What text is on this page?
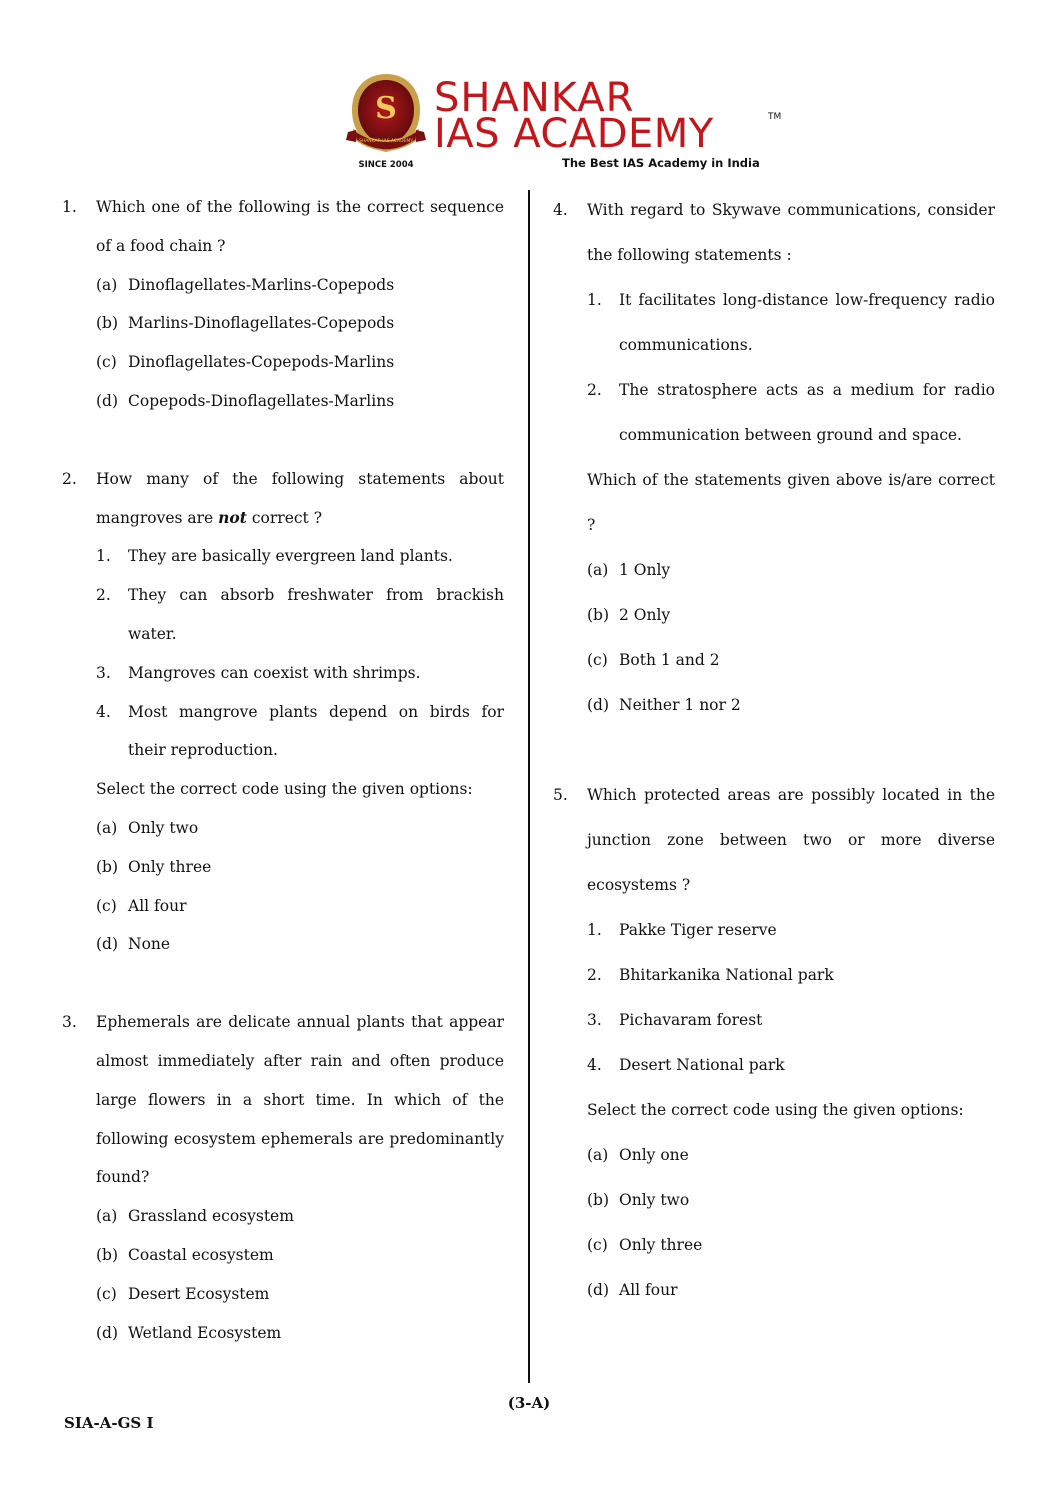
S
SHANKAR IAS ACADEMY
SINCE 2004
SHANKAR
IAS ACADEMY	TM
The Best IAS Academy in India
1. Which one of the following is the correct sequence of a food chain ?
(a) Dinoflagellates-Marlins-Copepods
(b) Marlins-Dinoflagellates-Copepods
(c) Dinoflagellates-Copepods-Marlins
(d) Copepods-Dinoflagellates-Marlins
2. How many of the following statements about mangroves are not correct ?
1. They are basically evergreen land plants.
2. They can absorb freshwater from brackish water.
3. Mangroves can coexist with shrimps.
4. Most mangrove plants depend on birds for their reproduction.
Select the correct code using the given options:
(a) Only two
(b) Only three
(c) All four
(d) None
3. Ephemerals are delicate annual plants that appear almost immediately after rain and often produce large flowers in a short time. In which of the following ecosystem ephemerals are predominantly found?
(a) Grassland ecosystem
(b) Coastal ecosystem
(c) Desert Ecosystem
(d) Wetland Ecosystem
4. With regard to Skywave communications, consider the following statements :
1. It facilitates long-distance low-frequency radio communications.
2. The stratosphere acts as a medium for radio communication between ground and space.
Which of the statements given above is/are correct ?
(a) 1 Only
(b) 2 Only
(c) Both 1 and 2
(d) Neither 1 nor 2
5. Which protected areas are possibly located in the junction zone between two or more diverse ecosystems ?
1. Pakke Tiger reserve
2. Bhitarkanika National park
3. Pichavaram forest
4. Desert National park
Select the correct code using the given options:
(a) Only one
(b) Only two
(c) Only three
(d) All four
(3-A)
SIA-A-GS I
